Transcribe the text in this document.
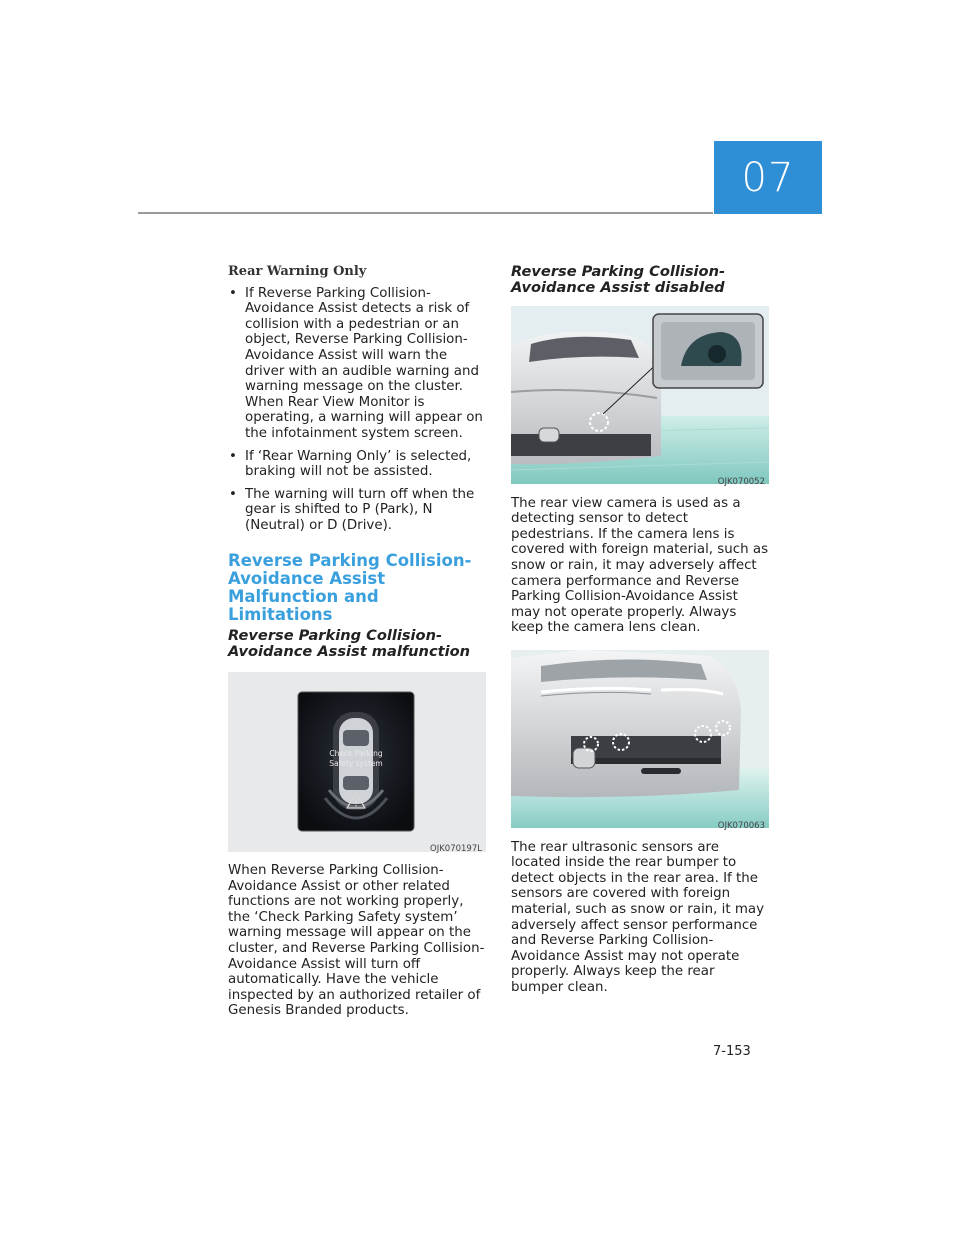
07
Rear Warning Only
• If Reverse Parking Collision-Avoidance Assist detects a risk of collision with a pedestrian or an object, Reverse Parking Collision-Avoidance Assist will warn the driver with an audible warning and warning message on the cluster. When Rear View Monitor is operating, a warning will appear on the infotainment system screen.
• If ‘Rear Warning Only’ is selected, braking will not be assisted.
• The warning will turn off when the gear is shifted to P (Park), N (Neutral) or D (Drive).
Reverse Parking Collision-Avoidance Assist Malfunction and Limitations
Reverse Parking Collision-Avoidance Assist malfunction
Check Parking
Safety system
OJK070197L

When Reverse Parking Collision-Avoidance Assist or other related functions are not working properly, the ‘Check Parking Safety system’ warning message will appear on the cluster, and Reverse Parking Collision-Avoidance Assist will turn off automatically. Have the vehicle inspected by an authorized retailer of Genesis Branded products.

Reverse Parking Collision-Avoidance Assist disabled
OJK070052

The rear view camera is used as a detecting sensor to detect pedestrians. If the camera lens is covered with foreign material, such as snow or rain, it may adversely affect camera performance and Reverse Parking Collision-Avoidance Assist may not operate properly. Always keep the camera lens clean.

OJK070063

The rear ultrasonic sensors are located inside the rear bumper to detect objects in the rear area. If the sensors are covered with foreign material, such as snow or rain, it may adversely affect sensor performance and Reverse Parking Collision-Avoidance Assist may not operate properly. Always keep the rear bumper clean.

7-153
